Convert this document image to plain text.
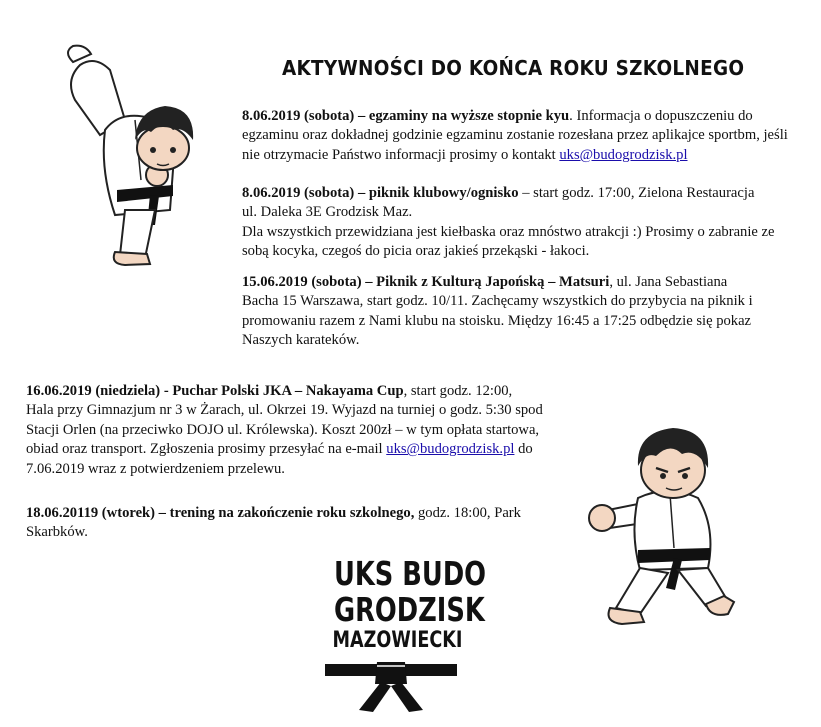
AKTYWNOŚCI DO KOŃCA ROKU SZKOLNEGO

8.06.2019 (sobota) – egzaminy na wyższe stopnie kyu. Informacja o dopuszczeniu do
egzaminu oraz dokładnej godzinie egzaminu zostanie rozesłana przez aplikajce sportbm, jeśli
nie otrzymacie Państwo informacji prosimy o kontakt uks@budogrodzisk.pl

8.06.2019 (sobota) – piknik klubowy/ognisko – start godz. 17:00, Zielona Restauracja
ul. Daleka 3E Grodzisk Maz.
Dla wszystkich przewidziana jest kiełbaska oraz mnóstwo atrakcji :) Prosimy o zabranie ze
sobą kocyka, czegoś do picia oraz jakieś przekąski - łakoci.

15.06.2019 (sobota) – Piknik z Kulturą Japońską – Matsuri, ul. Jana Sebastiana
Bacha 15 Warszawa, start godz. 10/11. Zachęcamy wszystkich do przybycia na piknik i
promowaniu razem z Nami klubu na stoisku. Między 16:45 a 17:25 odbędzie się pokaz
Naszych karateków.

16.06.2019 (niedziela) - Puchar Polski JKA – Nakayama Cup, start godz. 12:00,
Hala przy Gimnazjum nr 3 w Żarach, ul. Okrzei 19. Wyjazd na turniej o godz. 5:30 spod
Stacji Orlen (na przeciwko DOJO ul. Królewska). Koszt 200zł – w tym opłata startowa,
obiad oraz transport. Zgłoszenia prosimy przesyłać na e-mail uks@budogrodzisk.pl do
7.06.2019 wraz z potwierdzeniem przelewu.

18.06.20119 (wtorek) – trening na zakończenie roku szkolnego, godz. 18:00, Park
Skarbków.

UKS BUDO
GRODZISK
MAZOWIECKI
